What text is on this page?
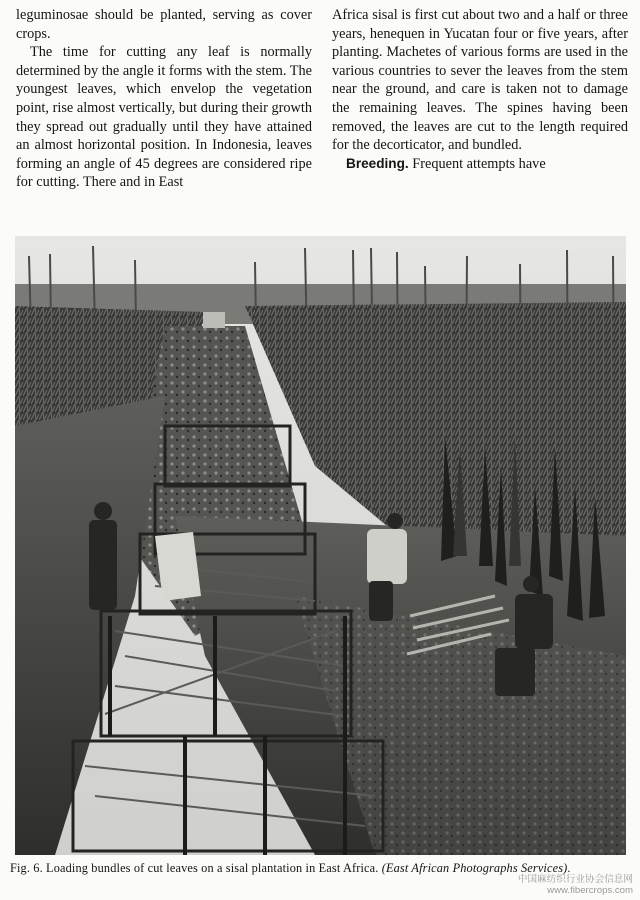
leguminosae should be planted, serving as cover crops.

The time for cutting any leaf is normally determined by the angle it forms with the stem. The youngest leaves, which envelop the vegetation point, rise almost vertically, but during their growth they spread out gradually until they have attained an almost horizontal position. In Indonesia, leaves forming an angle of 45 degrees are considered ripe for cutting. There and in East

Africa sisal is first cut about two and a half or three years, henequen in Yucatan four or five years, after planting. Machetes of various forms are used in the various countries to sever the leaves from the stem near the ground, and care is taken not to damage the remaining leaves. The spines having been removed, the leaves are cut to the length required for the decorticator, and bundled.

Breeding. Frequent attempts have

Fig. 6. Loading bundles of cut leaves on a sisal plantation in East Africa. (East African Photographs Services).
中国麻纺织行业协会信息网
www.fibercrops.com
